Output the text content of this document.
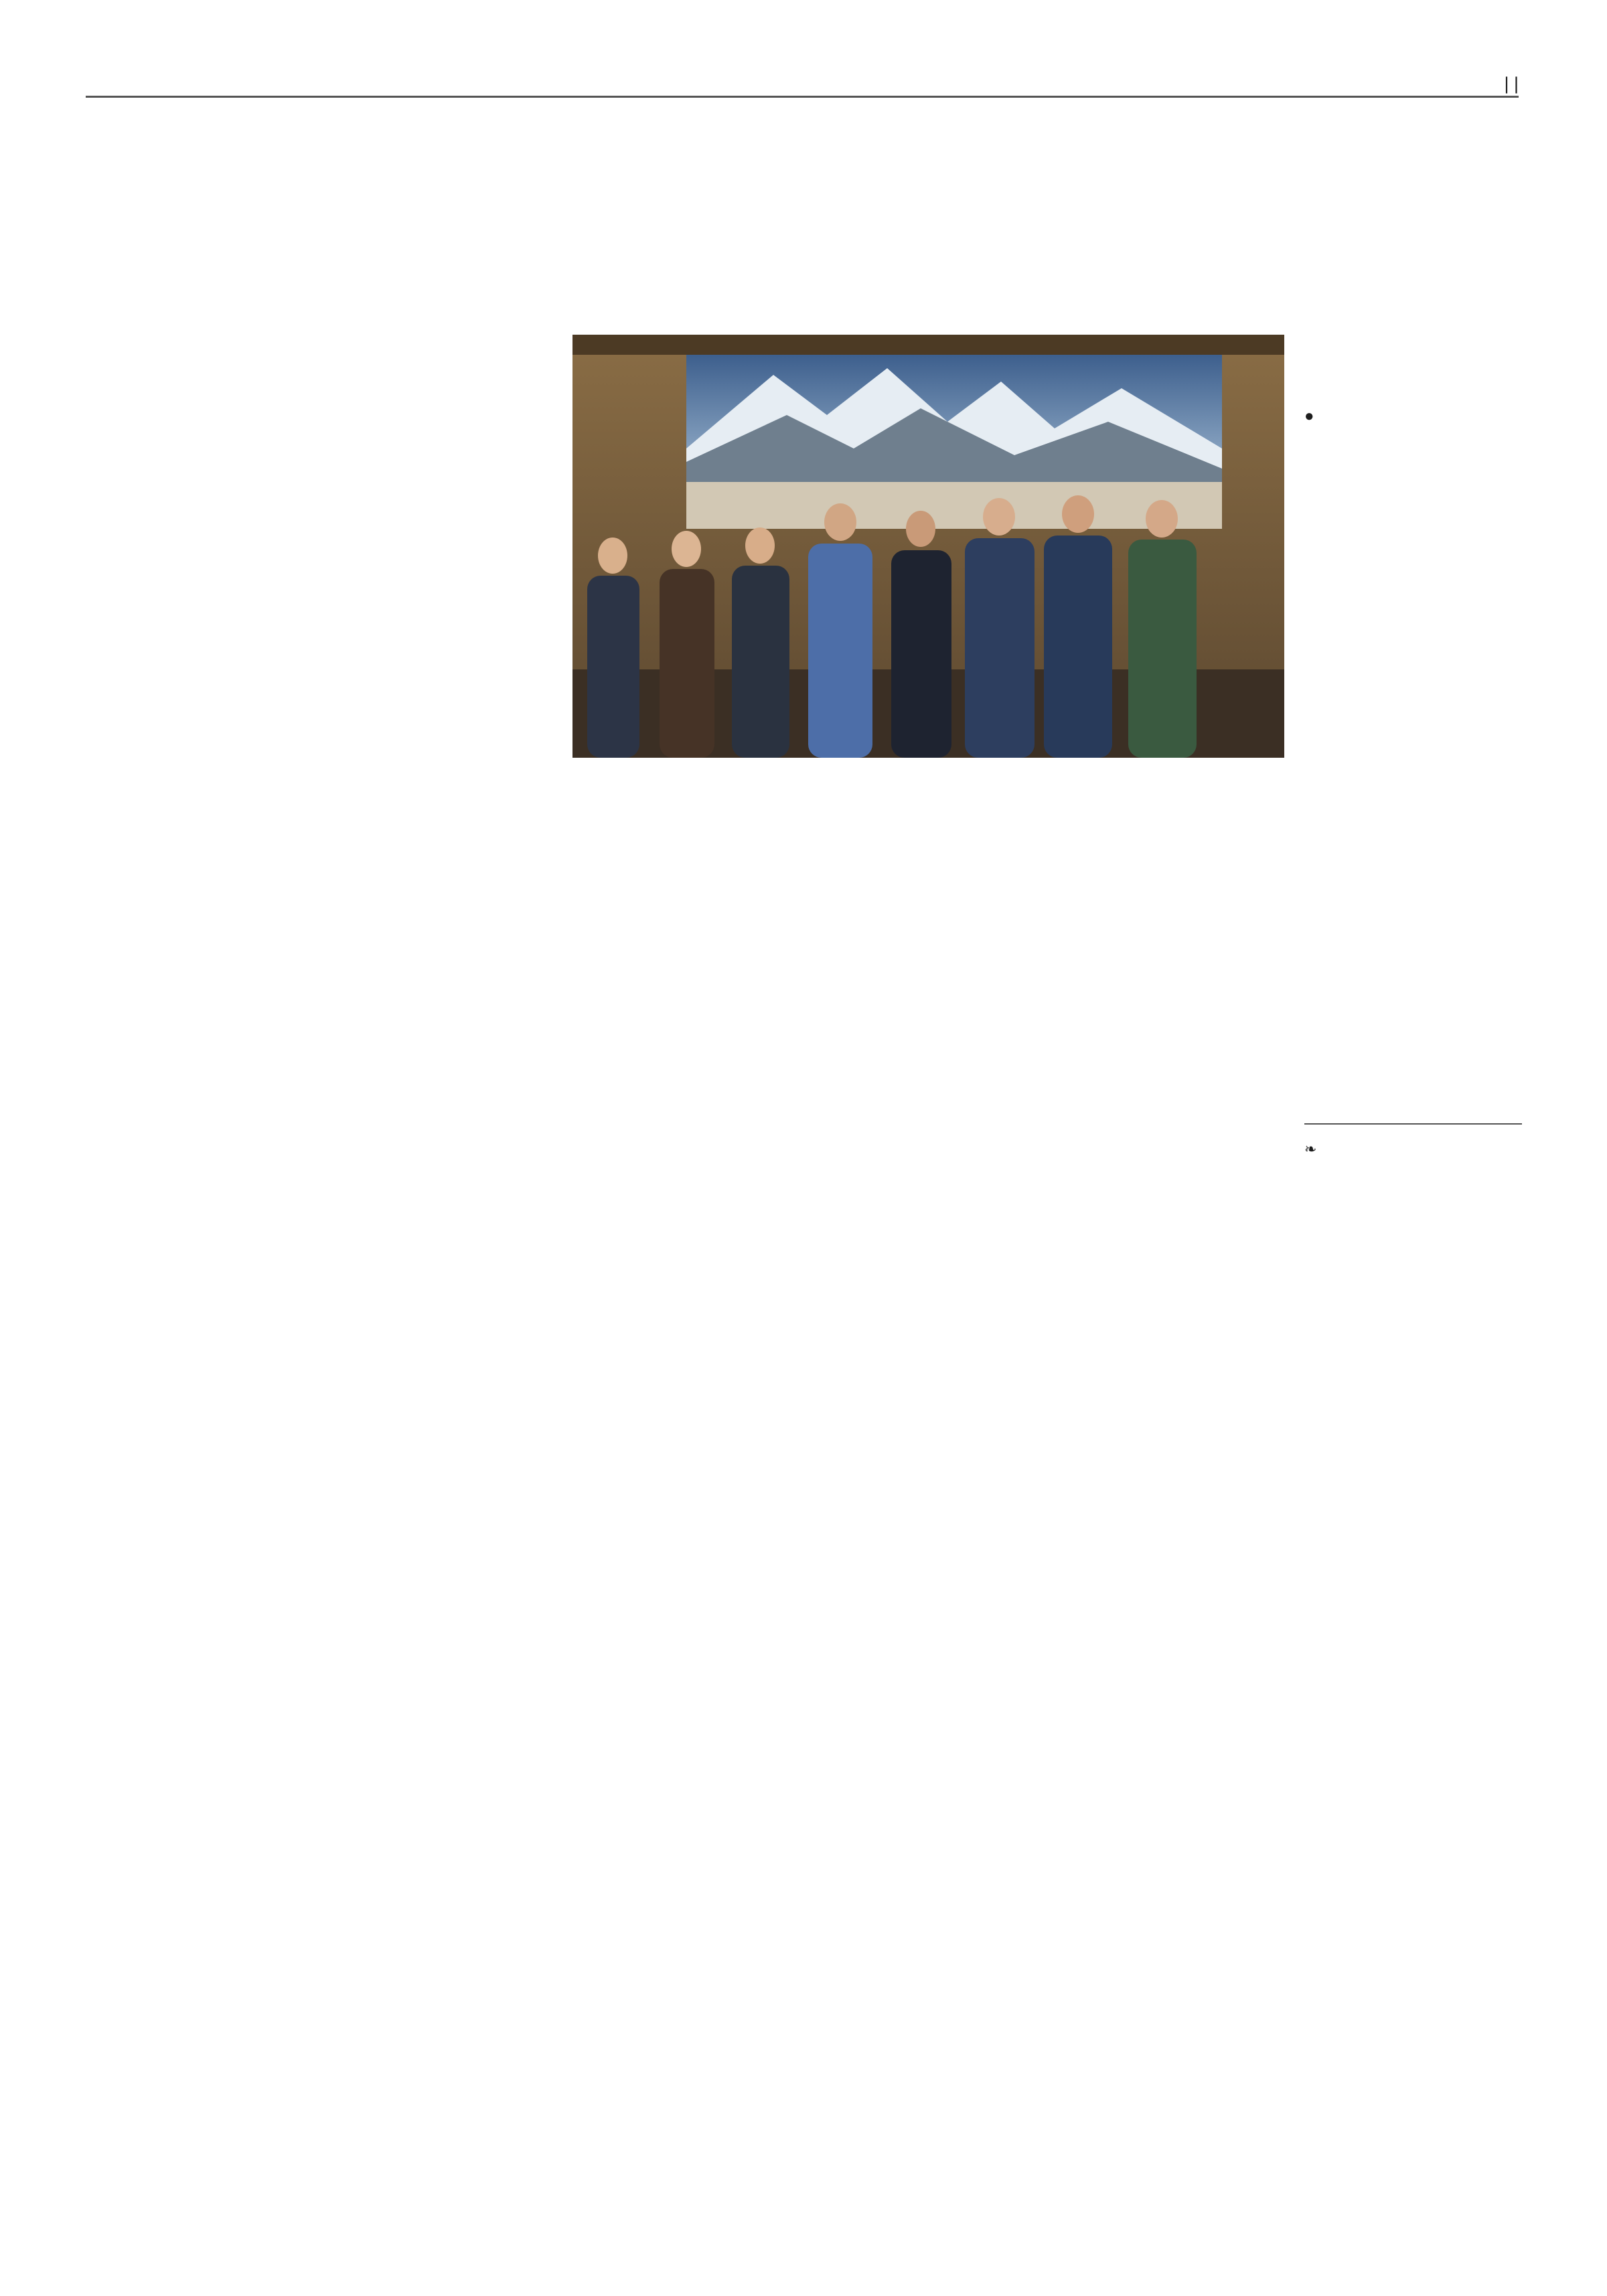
| |

●

❧
